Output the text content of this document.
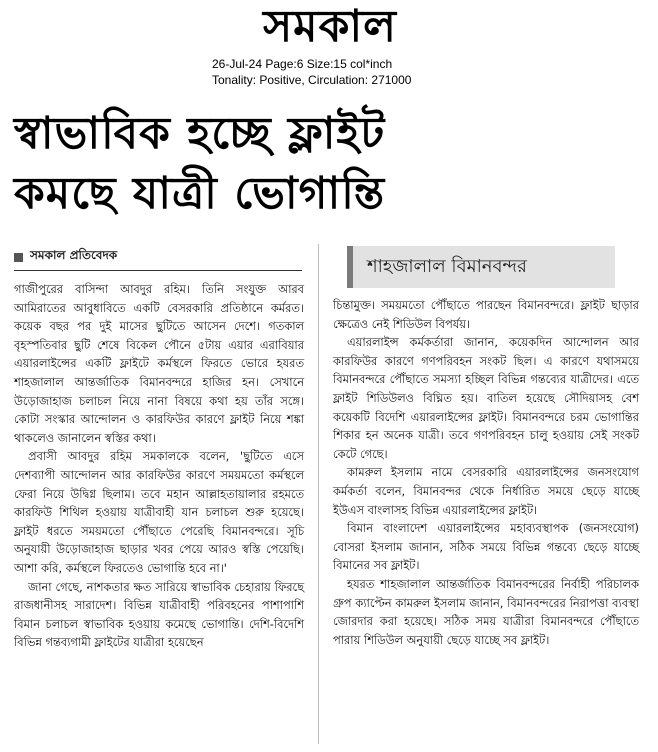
সমকাল
26-Jul-24 Page:6 Size:15 col*inch
Tonality: Positive, Circulation: 271000
স্বাভাবিক হচ্ছে ফ্লাইট
কমছে যাত্রী ভোগান্তি
সমকাল প্রতিবেদক
শাহজালাল বিমানবন্দর

গাজীপুরের বাসিন্দা আবদুর রহিম। তিনি সংযুক্ত আরব আমিরাতের আবুধাবিতে একটি বেসরকারি প্রতিষ্ঠানে কর্মরত। কয়েক বছর পর দুই মাসের ছুটিতে আসেন দেশে। গতকাল বৃহস্পতিবার ছুটি শেষে বিকেল পৌনে ৫টায় এয়ার এরাবিয়ার এয়ারলাইন্সের একটি ফ্লাইটে কর্মস্থলে ফিরতে ভোরে হযরত শাহজালাল আন্তর্জাতিক বিমানবন্দরে হাজির হন। সেখানে উড়োজাহাজ চলাচল নিয়ে নানা বিষয়ে কথা হয় তাঁর সঙ্গে। কোটা সংস্কার আন্দোলন ও কারফিউর কারণে ফ্লাইট নিয়ে শঙ্কা থাকলেও জানালেন স্বস্তির কথা।

প্রবাসী আবদুর রহিম সমকালকে বলেন, 'ছুটিতে এসে দেশব্যাপী আন্দোলন আর কারফিউর কারণে সময়মতো কর্মস্থলে ফেরা নিয়ে উদ্বিগ্ন ছিলাম। তবে মহান আল্লাহতায়ালার রহমতে কারফিউ শিথিল হওয়ায় যাত্রীবাহী যান চলাচল শুরু হয়েছে। ফ্লাইট ধরতে সময়মতো পৌঁছাতে পেরেছি বিমানবন্দরে। সূচি অনুযায়ী উড়োজাহাজ ছাড়ার খবর পেয়ে আরও স্বস্তি পেয়েছি। আশা করি, কর্মস্থলে ফিরতেও ভোগান্তি হবে না।'

জানা গেছে, নাশকতার ক্ষত সারিয়ে স্বাভাবিক চেহারায় ফিরছে রাজধানীসহ সারাদেশ। বিভিন্ন যাত্রীবাহী পরিবহনের পাশাপাশি বিমান চলাচল স্বাভাবিক হওয়ায় কমেছে ভোগান্তি। দেশি-বিদেশি বিভিন্ন গন্তব্যগামী ফ্লাইটের যাত্রীরা হয়েছেন

চিন্তামুক্ত। সময়মতো পৌঁছাতে পারছেন বিমানবন্দরে। ফ্লাইট ছাড়ার ক্ষেত্রেও নেই শিডিউল বিপর্যয়।

এয়ারলাইন্স কর্মকর্তারা জানান, কয়েকদিন আন্দোলন আর কারফিউর কারণে গণপরিবহন সংকট ছিল। এ কারণে যথাসময়ে বিমানবন্দরে পৌঁছাতে সমস্যা হচ্ছিল বিভিন্ন গন্তব্যের যাত্রীদের। এতে ফ্লাইট শিডিউলও বিঘ্নিত হয়। বাতিল হয়েছে সৌদিয়াসহ বেশ কয়েকটি বিদেশি এয়ারলাইন্সের ফ্লাইট। বিমানবন্দরে চরম ভোগান্তির শিকার হন অনেক যাত্রী। তবে গণপরিবহন চালু হওয়ায় সেই সংকট কেটে গেছে।

কামরুল ইসলাম নামে বেসরকারি এয়ারলাইন্সের জনসংযোগ কর্মকর্তা বলেন, বিমানবন্দর থেকে নির্ধারিত সময়ে ছেড়ে যাচ্ছে ইউএস বাংলাসহ বিভিন্ন এয়ারলাইন্সের ফ্লাইট।

বিমান বাংলাদেশ এয়ারলাইন্সের মহাব্যবস্থাপক (জনসংযোগ) বোসরা ইসলাম জানান, সঠিক সময়ে বিভিন্ন গন্তব্যে ছেড়ে যাচ্ছে বিমানের সব ফ্লাইট।

হযরত শাহজালাল আন্তর্জাতিক বিমানবন্দরের নির্বাহী পরিচালক গ্রুপ ক্যাপ্টেন কামরুল ইসলাম জানান, বিমানবন্দরের নিরাপত্তা ব্যবস্থা জোরদার করা হয়েছে। সঠিক সময় যাত্রীরা বিমানবন্দরে পৌঁছাতে পারায় শিডিউল অনুযায়ী ছেড়ে যাচ্ছে সব ফ্লাইট।
